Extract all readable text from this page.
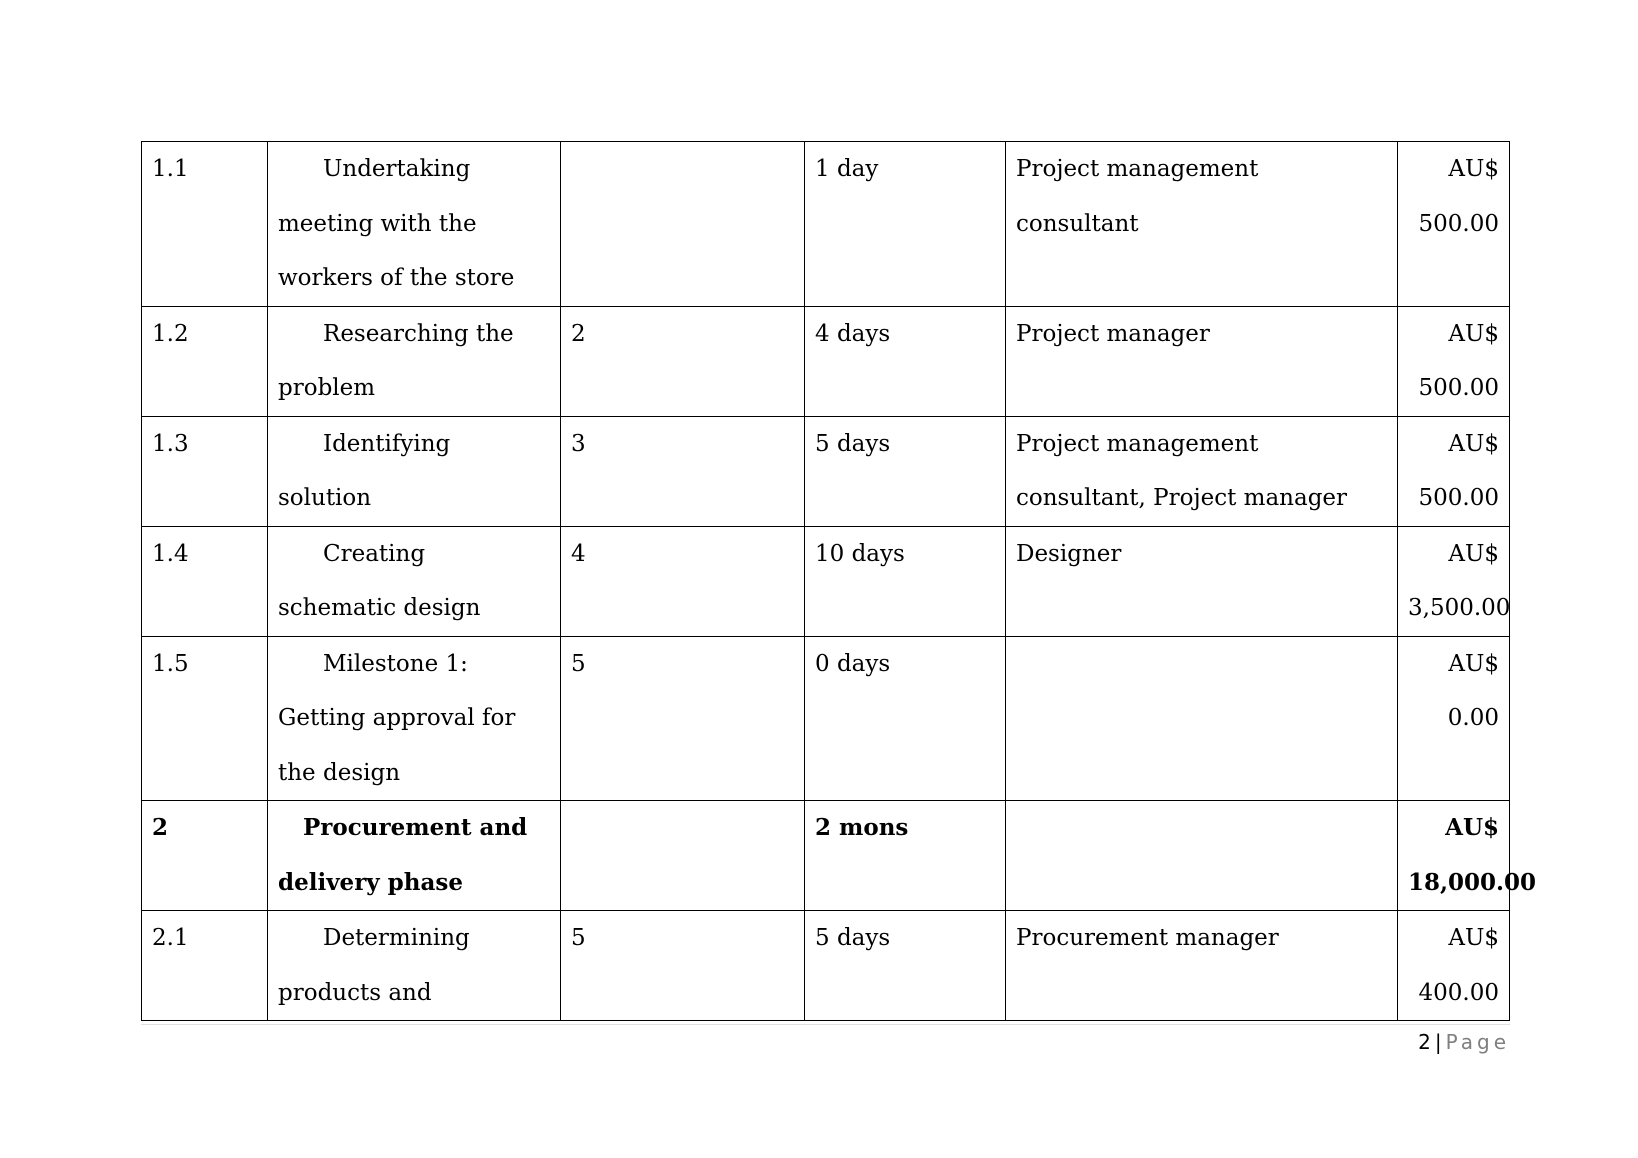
1.1	Undertaking meeting with the workers of the store		1 day	Project management consultant	AU$ 500.00
1.2	Researching the problem	2	4 days	Project manager	AU$ 500.00
1.3	Identifying solution	3	5 days	Project management consultant, Project manager	AU$ 500.00
1.4	Creating schematic design	4	10 days	Designer	AU$ 3,500.00
1.5	Milestone 1: Getting approval for the design	5	0 days		AU$ 0.00
2	Procurement and delivery phase		2 mons		AU$ 18,000.00
2.1	Determining products and	5	5 days	Procurement manager	AU$ 400.00
2 | Page
